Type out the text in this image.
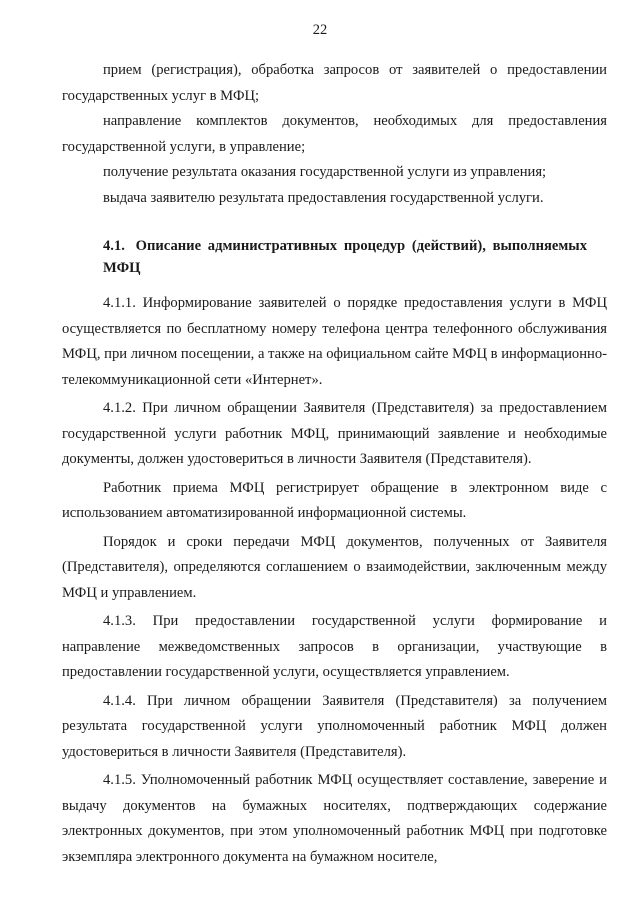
22

прием (регистрация), обработка запросов от заявителей о предоставлении государственных услуг в МФЦ;

направление комплектов документов, необходимых для предоставления государственной услуги, в управление;

получение результата оказания государственной услуги из управления;

выдача заявителю результата предоставления государственной услуги.

4.1. Описание административных процедур (действий), выполняемых МФЦ

4.1.1. Информирование заявителей о порядке предоставления услуги в МФЦ осуществляется по бесплатному номеру телефона центра телефонного обслуживания МФЦ, при личном посещении, а также на официальном сайте МФЦ в информационно-телекоммуникационной сети «Интернет».

4.1.2. При личном обращении Заявителя (Представителя) за предоставлением государственной услуги работник МФЦ, принимающий заявление и необходимые документы, должен удостовериться в личности Заявителя (Представителя).

Работник приема МФЦ регистрирует обращение в электронном виде с использованием автоматизированной информационной системы.

Порядок и сроки передачи МФЦ документов, полученных от Заявителя (Представителя), определяются соглашением о взаимодействии, заключенным между МФЦ и управлением.

4.1.3. При предоставлении государственной услуги формирование и направление межведомственных запросов в организации, участвующие в предоставлении государственной услуги, осуществляется управлением.

4.1.4. При личном обращении Заявителя (Представителя) за получением результата государственной услуги уполномоченный работник МФЦ должен удостовериться в личности Заявителя (Представителя).

4.1.5. Уполномоченный работник МФЦ осуществляет составление, заверение и выдачу документов на бумажных носителях, подтверждающих содержание электронных документов, при этом уполномоченный работник МФЦ при подготовке экземпляра электронного документа на бумажном носителе,
